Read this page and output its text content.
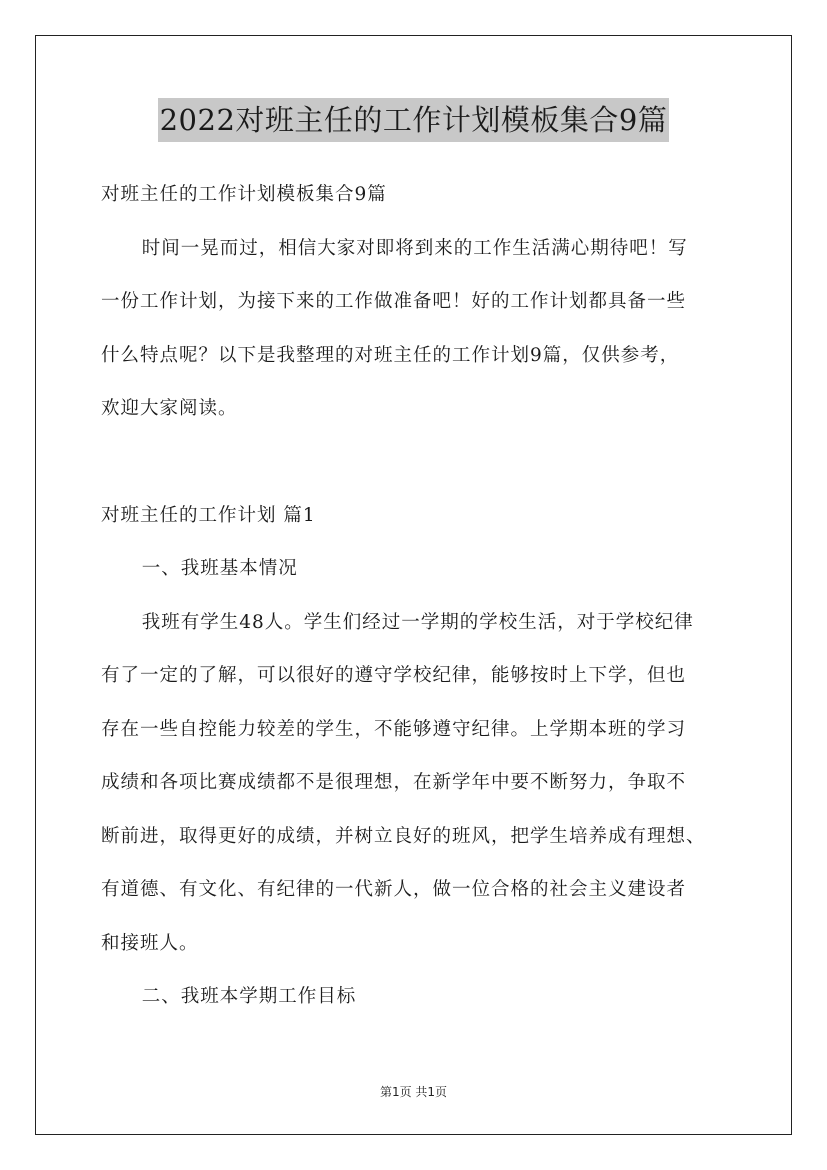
2022对班主任的工作计划模板集合9篇

对班主任的工作计划模板集合9篇

时间一晃而过，相信大家对即将到来的工作生活满心期待吧！写

一份工作计划，为接下来的工作做准备吧！好的工作计划都具备一些

什么特点呢？以下是我整理的对班主任的工作计划9篇，仅供参考，

欢迎大家阅读。

对班主任的工作计划 篇1

一、我班基本情况

我班有学生48人。学生们经过一学期的学校生活，对于学校纪律

有了一定的了解，可以很好的遵守学校纪律，能够按时上下学，但也

存在一些自控能力较差的学生，不能够遵守纪律。上学期本班的学习

成绩和各项比赛成绩都不是很理想，在新学年中要不断努力，争取不

断前进，取得更好的成绩，并树立良好的班风，把学生培养成有理想、

有道德、有文化、有纪律的一代新人，做一位合格的社会主义建设者

和接班人。

二、我班本学期工作目标

第1页 共1页
